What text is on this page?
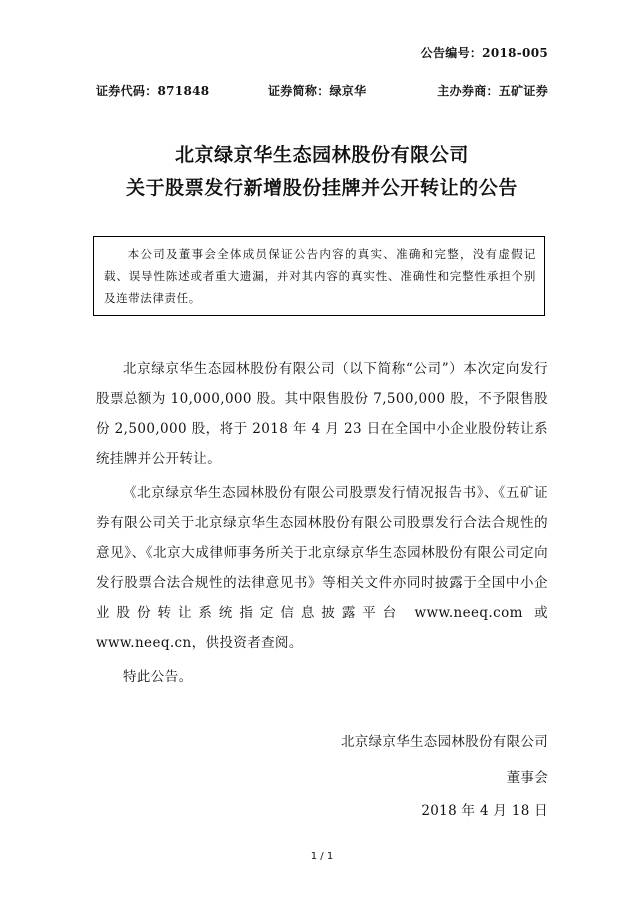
公告编号：2018-005
证券代码：871848	证券简称：绿京华	主办券商：五矿证券
北京绿京华生态园林股份有限公司
关于股票发行新增股份挂牌并公开转让的公告
本公司及董事会全体成员保证公告内容的真实、准确和完整，没有虚假记载、误导性陈述或者重大遗漏，并对其内容的真实性、准确性和完整性承担个别及连带法律责任。

北京绿京华生态园林股份有限公司（以下简称“公司”）本次定向发行股票总额为 10,000,000 股。其中限售股份 7,500,000 股，不予限售股份 2,500,000 股，将于 2018 年 4 月 23 日在全国中小企业股份转让系统挂牌并公开转让。

《北京绿京华生态园林股份有限公司股票发行情况报告书》、《五矿证券有限公司关于北京绿京华生态园林股份有限公司股票发行合法合规性的意见》、《北京大成律师事务所关于北京绿京华生态园林股份有限公司定向发行股票合法合规性的法律意见书》等相关文件亦同时披露于全国中小企业股份转让系统指定信息披露平台 www.neeq.com 或 www.neeq.cn，供投资者查阅。

特此公告。

北京绿京华生态园林股份有限公司
董事会
2018 年 4 月 18 日
1 / 1
